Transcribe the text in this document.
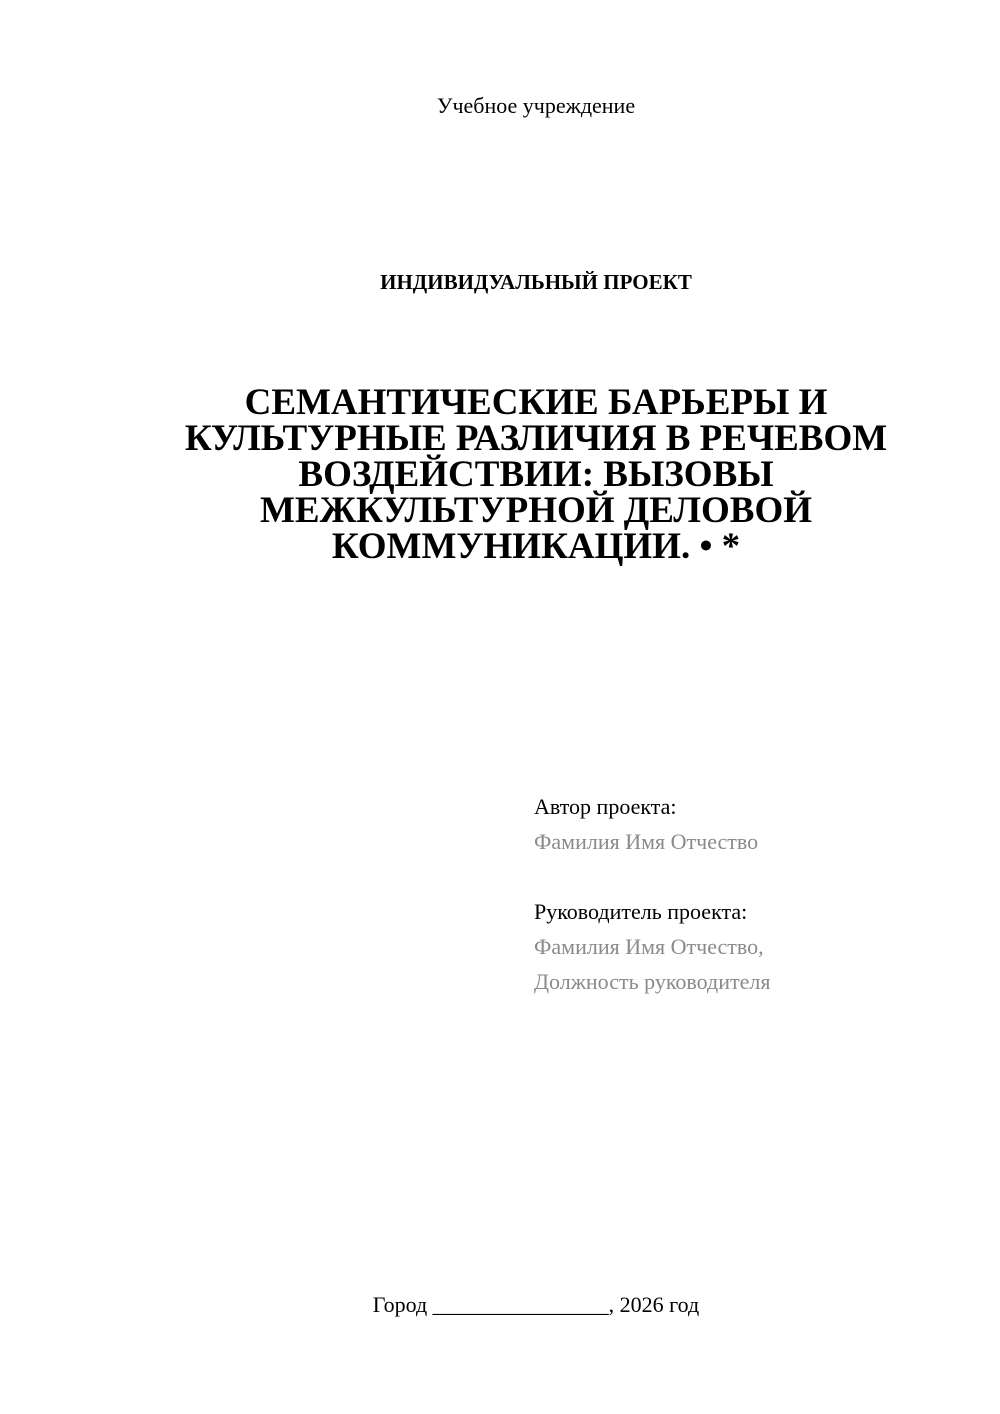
Учебное учреждение
ИНДИВИДУАЛЬНЫЙ ПРОЕКТ
СЕМАНТИЧЕСКИЕ БАРЬЕРЫ И
КУЛЬТУРНЫЕ РАЗЛИЧИЯ В РЕЧЕВОМ
ВОЗДЕЙСТВИИ: ВЫЗОВЫ
МЕЖКУЛЬТУРНОЙ ДЕЛОВОЙ
КОММУНИКАЦИИ. • *
Автор проекта:
Фамилия Имя Отчество
Руководитель проекта:
Фамилия Имя Отчество,
Должность руководителя
Город ________________, 2026 год
